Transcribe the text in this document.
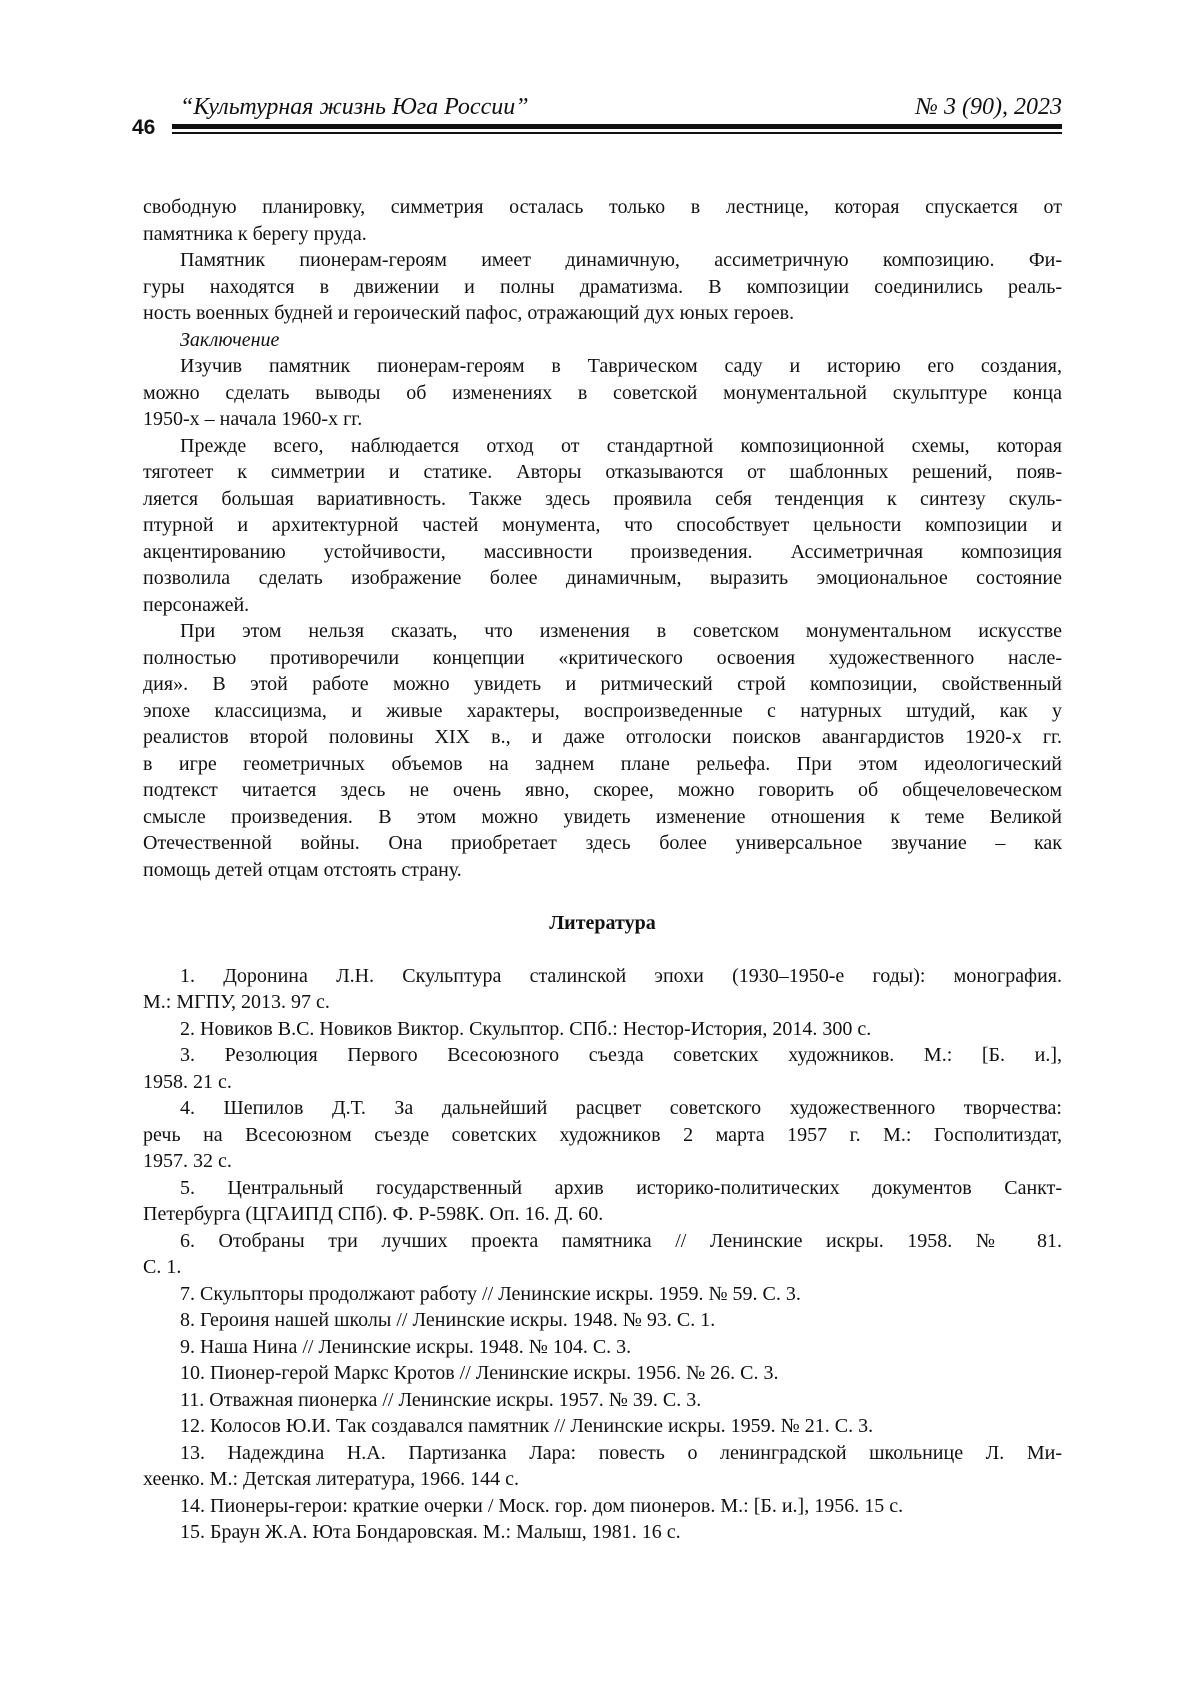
“Культурная жизнь Юга России”	№ 3 (90), 2023
46
свободную планировку, симметрия осталась только в лестнице, которая спускается от
памятника к берегу пруда.
Памятник пионерам-героям имеет динамичную, ассиметричную композицию. Фи-
гуры находятся в движении и полны драматизма. В композиции соединились реаль-
ность военных будней и героический пафос, отражающий дух юных героев.
Заключение
Изучив памятник пионерам-героям в Таврическом саду и историю его создания,
можно сделать выводы об изменениях в советской монументальной скульптуре конца
1950-х – начала 1960-х гг.
Прежде всего, наблюдается отход от стандартной композиционной схемы, которая
тяготеет к симметрии и статике. Авторы отказываются от шаблонных решений, появ-
ляется большая вариативность. Также здесь проявила себя тенденция к синтезу скуль-
птурной и архитектурной частей монумента, что способствует цельности композиции и
акцентированию устойчивости, массивности произведения. Ассиметричная композиция
позволила сделать изображение более динамичным, выразить эмоциональное состояние
персонажей.
При этом нельзя сказать, что изменения в советском монументальном искусстве
полностью противоречили концепции «критического освоения художественного насле-
дия». В этой работе можно увидеть и ритмический строй композиции, свойственный
эпохе классицизма, и живые характеры, воспроизведенные с натурных штудий, как у
реалистов второй половины XIX в., и даже отголоски поисков авангардистов 1920-х гг.
в игре геометричных объемов на заднем плане рельефа. При этом идеологический
подтекст читается здесь не очень явно, скорее, можно говорить об общечеловеческом
смысле произведения. В этом можно увидеть изменение отношения к теме Великой
Отечественной войны. Она приобретает здесь более универсальное звучание – как
помощь детей отцам отстоять страну.
Литература
1. Доронина Л.Н. Скульптура сталинской эпохи (1930–1950-е годы): монография.
М.: МГПУ, 2013. 97 с.
2. Новиков В.С. Новиков Виктор. Скульптор. СПб.: Нестор-История, 2014. 300 с.
3. Резолюция Первого Всесоюзного съезда советских художников. М.: [Б. и.],
1958. 21 с.
4. Шепилов Д.Т. За дальнейший расцвет советского художественного творчества:
речь на Всесоюзном съезде советских художников 2 марта 1957 г. М.: Госполитиздат,
1957. 32 с.
5. Центральный государственный архив историко-политических документов Санкт-
Петербурга (ЦГАИПД СПб). Ф. Р-598К. Оп. 16. Д. 60.
6. Отобраны три лучших проекта памятника // Ленинские искры. 1958. № 81.
С. 1.
7. Скульпторы продолжают работу // Ленинские искры. 1959. № 59. С. 3.
8. Героиня нашей школы // Ленинские искры. 1948. № 93. С. 1.
9. Наша Нина // Ленинские искры. 1948. № 104. С. 3.
10. Пионер-герой Маркс Кротов // Ленинские искры. 1956. № 26. С. 3.
11. Отважная пионерка // Ленинские искры. 1957. № 39. С. 3.
12. Колосов Ю.И. Так создавался памятник // Ленинские искры. 1959. № 21. С. 3.
13. Надеждина Н.А. Партизанка Лара: повесть о ленинградской школьнице Л. Ми-
хеенко. М.: Детская литература, 1966. 144 с.
14. Пионеры-герои: краткие очерки / Моск. гор. дом пионеров. М.: [Б. и.], 1956. 15 с.
15. Браун Ж.А. Юта Бондаровская. М.: Малыш, 1981. 16 с.
